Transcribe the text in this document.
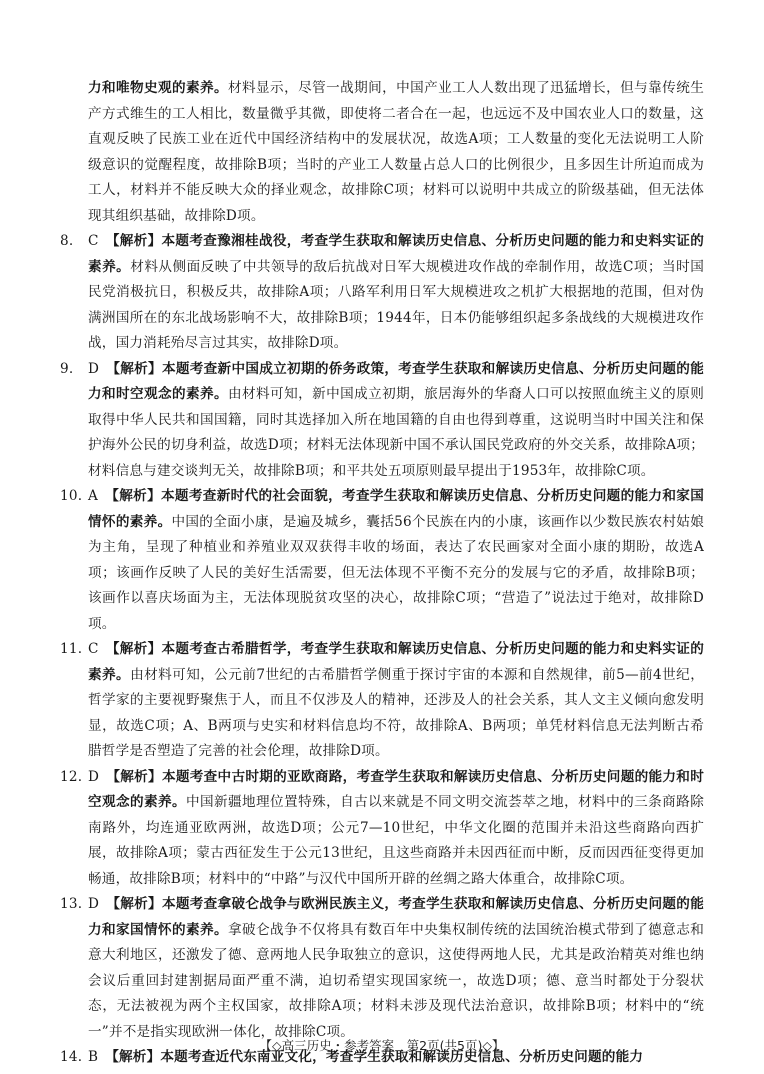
力和唯物史观的素养。材料显示，尽管一战期间，中国产业工人人数出现了迅猛增长，但与靠传统生产方式维生的工人相比，数量微乎其微，即使将二者合在一起，也远远不及中国农业人口的数量，这直观反映了民族工业在近代中国经济结构中的发展状况，故选A项；工人数量的变化无法说明工人阶级意识的觉醒程度，故排除B项；当时的产业工人数量占总人口的比例很少，且多因生计所迫而成为工人，材料并不能反映大众的择业观念，故排除C项；材料可以说明中共成立的阶级基础，但无法体现其组织基础，故排除D项。

8.	C　 【解析】本题考查豫湘桂战役，考查学生获取和解读历史信息、分析历史问题的能力和史料实证的素养。材料从侧面反映了中共领导的敌后抗战对日军大规模进攻作战的牵制作用，故选C项；当时国民党消极抗日，积极反共，故排除A项；八路军利用日军大规模进攻之机扩大根据地的范围，但对伪满洲国所在的东北战场影响不大，故排除B项；1944年，日本仍能够组织起多条战线的大规模进攻作战，国力消耗殆尽言过其实，故排除D项。

9.	D　 【解析】本题考查新中国成立初期的侨务政策，考查学生获取和解读历史信息、分析历史问题的能力和时空观念的素养。由材料可知，新中国成立初期，旅居海外的华裔人口可以按照血统主义的原则取得中华人民共和国国籍，同时其选择加入所在地国籍的自由也得到尊重，这说明当时中国关注和保护海外公民的切身利益，故选D项；材料无法体现新中国不承认国民党政府的外交关系，故排除A项；材料信息与建交谈判无关，故排除B项；和平共处五项原则最早提出于1953年，故排除C项。

10. A　 【解析】本题考查新时代的社会面貌，考查学生获取和解读历史信息、分析历史问题的能力和家国情怀的素养。中国的全面小康，是遍及城乡，囊括56个民族在内的小康，该画作以少数民族农村姑娘为主角，呈现了种植业和养殖业双双获得丰收的场面，表达了农民画家对全面小康的期盼，故选A项；该画作反映了人民的美好生活需要，但无法体现不平衡不充分的发展与它的矛盾，故排除B项；该画作以喜庆场面为主，无法体现脱贫攻坚的决心，故排除C项；“营造了”说法过于绝对，故排除D项。

11. C　 【解析】本题考查古希腊哲学，考查学生获取和解读历史信息、分析历史问题的能力和史料实证的素养。由材料可知，公元前7世纪的古希腊哲学侧重于探讨宇宙的本源和自然规律，前5—前4世纪，哲学家的主要视野聚焦于人，而且不仅涉及人的精神，还涉及人的社会关系，其人文主义倾向愈发明显，故选C项；A、B两项与史实和材料信息均不符，故排除A、B两项；单凭材料信息无法判断古希腊哲学是否塑造了完善的社会伦理，故排除D项。

12. D　 【解析】本题考查中古时期的亚欧商路，考查学生获取和解读历史信息、分析历史问题的能力和时空观念的素养。中国新疆地理位置特殊，自古以来就是不同文明交流荟萃之地，材料中的三条商路除南路外，均连通亚欧两洲，故选D项；公元7—10世纪，中华文化圈的范围并未沿这些商路向西扩展，故排除A项；蒙古西征发生于公元13世纪，且这些商路并未因西征而中断，反而因西征变得更加畅通，故排除B项；材料中的“中路”与汉代中国所开辟的丝绸之路大体重合，故排除C项。

13. D　 【解析】本题考查拿破仑战争与欧洲民族主义，考查学生获取和解读历史信息、分析历史问题的能力和家国情怀的素养。拿破仑战争不仅将具有数百年中央集权制传统的法国统治模式带到了德意志和意大利地区，还激发了德、意两地人民争取独立的意识，这使得两地人民，尤其是政治精英对维也纳会议后重回封建割据局面严重不满，迫切希望实现国家统一，故选D项；德、意当时都处于分裂状态，无法被视为两个主权国家，故排除A项；材料未涉及现代法治意识，故排除B项；材料中的“统一”并不是指实现欧洲一体化，故排除C项。

14. B　 【解析】本题考查近代东南亚文化，考查学生获取和解读历史信息、分析历史问题的能力

【◇高三历史・参考答案　第2页(共5页)◇】
